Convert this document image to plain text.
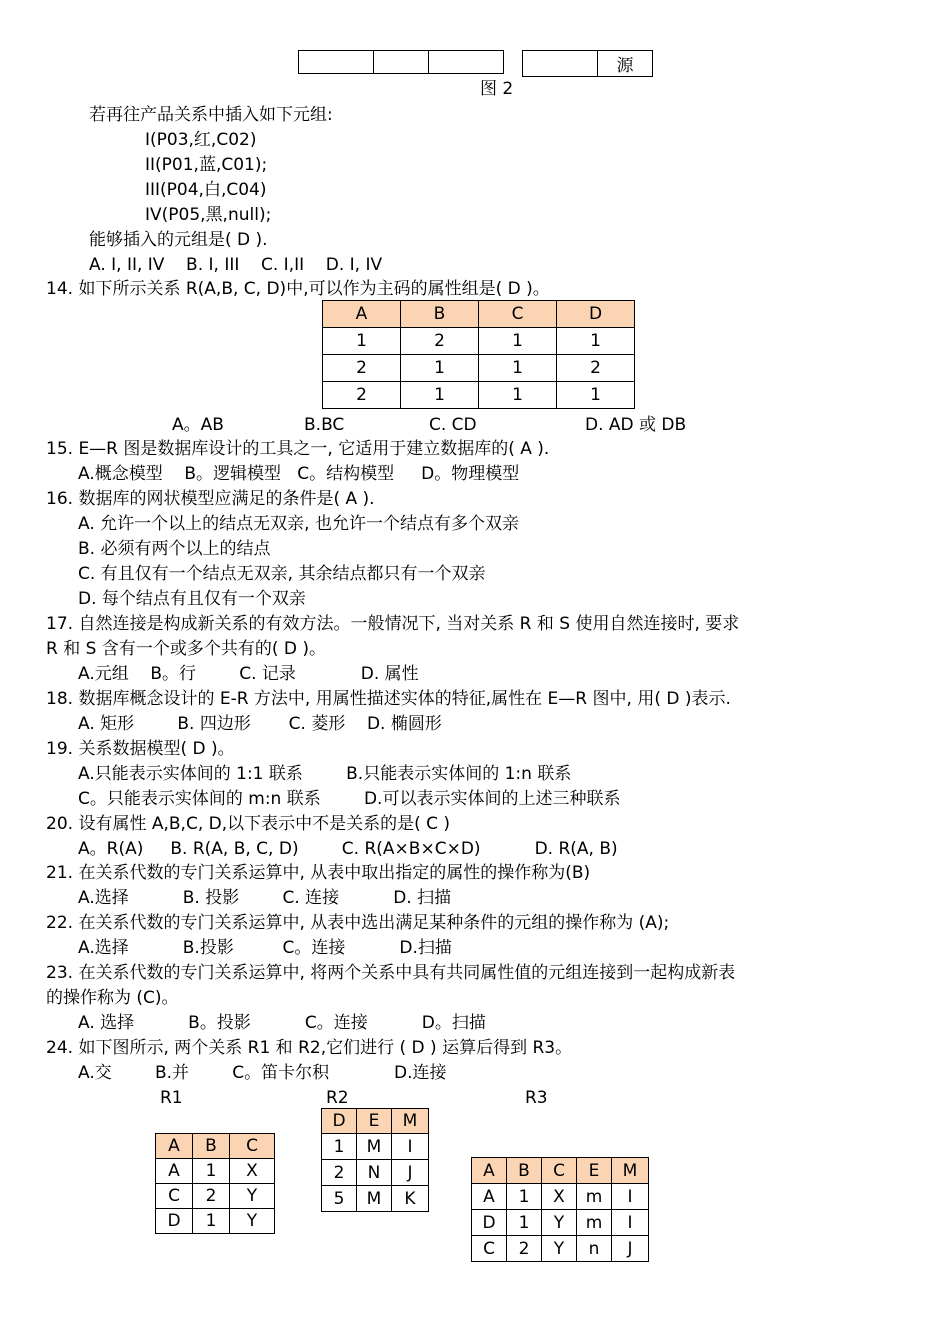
	源
图 2
若再往产品关系中插入如下元组:
I(P03,红,C02)
II(P01,蓝,C01);
III(P04,白,C04)
IV(P05,黑,null);
能够插入的元组是( D ).
A. I, II, IV    B. I, III    C. I,II    D. I, IV
14. 如下所示关系 R(A,B, C, D)中,可以作为主码的属性组是( D )。
A	B	C	D
1	2	1	1
2	1	1	2
2	1	1	1
A。AB	B.BC	C. CD	D. AD 或 DB
15. E—R 图是数据库设计的工具之一, 它适用于建立数据库的( A ).
A.概念模型    B。逻辑模型   C。结构模型     D。物理模型
16. 数据库的网状模型应满足的条件是( A ).
A. 允许一个以上的结点无双亲, 也允许一个结点有多个双亲
B. 必须有两个以上的结点
C. 有且仅有一个结点无双亲, 其余结点都只有一个双亲
D. 每个结点有且仅有一个双亲
17. 自然连接是构成新关系的有效方法。一般情况下, 当对关系 R 和 S 使用自然连接时, 要求
R 和 S 含有一个或多个共有的( D )。
A.元组    B。行        C. 记录            D. 属性
18. 数据库概念设计的 E-R 方法中, 用属性描述实体的特征,属性在 E—R 图中, 用( D )表示.
A. 矩形        B. 四边形       C. 菱形    D. 椭圆形
19. 关系数据模型( D )。
A.只能表示实体间的 1:1 联系        B.只能表示实体间的 1:n 联系
C。只能表示实体间的 m:n 联系        D.可以表示实体间的上述三种联系
20. 设有属性 A,B,C, D,以下表示中不是关系的是( C )
A。R(A)     B. R(A, B, C, D)        C. R(A×B×C×D)          D. R(A, B)
21. 在关系代数的专门关系运算中, 从表中取出指定的属性的操作称为(B)
A.选择          B. 投影        C. 连接          D. 扫描
22. 在关系代数的专门关系运算中, 从表中选出满足某种条件的元组的操作称为 (A);
A.选择          B.投影         C。连接          D.扫描
23. 在关系代数的专门关系运算中, 将两个关系中具有共同属性值的元组连接到一起构成新表
的操作称为 (C)。
A. 选择          B。投影          C。连接          D。扫描
24. 如下图所示, 两个关系 R1 和 R2,它们进行 ( D ) 运算后得到 R3。
A.交        B.并        C。笛卡尔积            D.连接
R1	R2	R3
A	B	C
A	1	X
C	2	Y
D	1	Y
D	E	M
1	M	I
2	N	J
5	M	K
A	B	C	E	M
A	1	X	m	I
D	1	Y	m	I
C	2	Y	n	J
